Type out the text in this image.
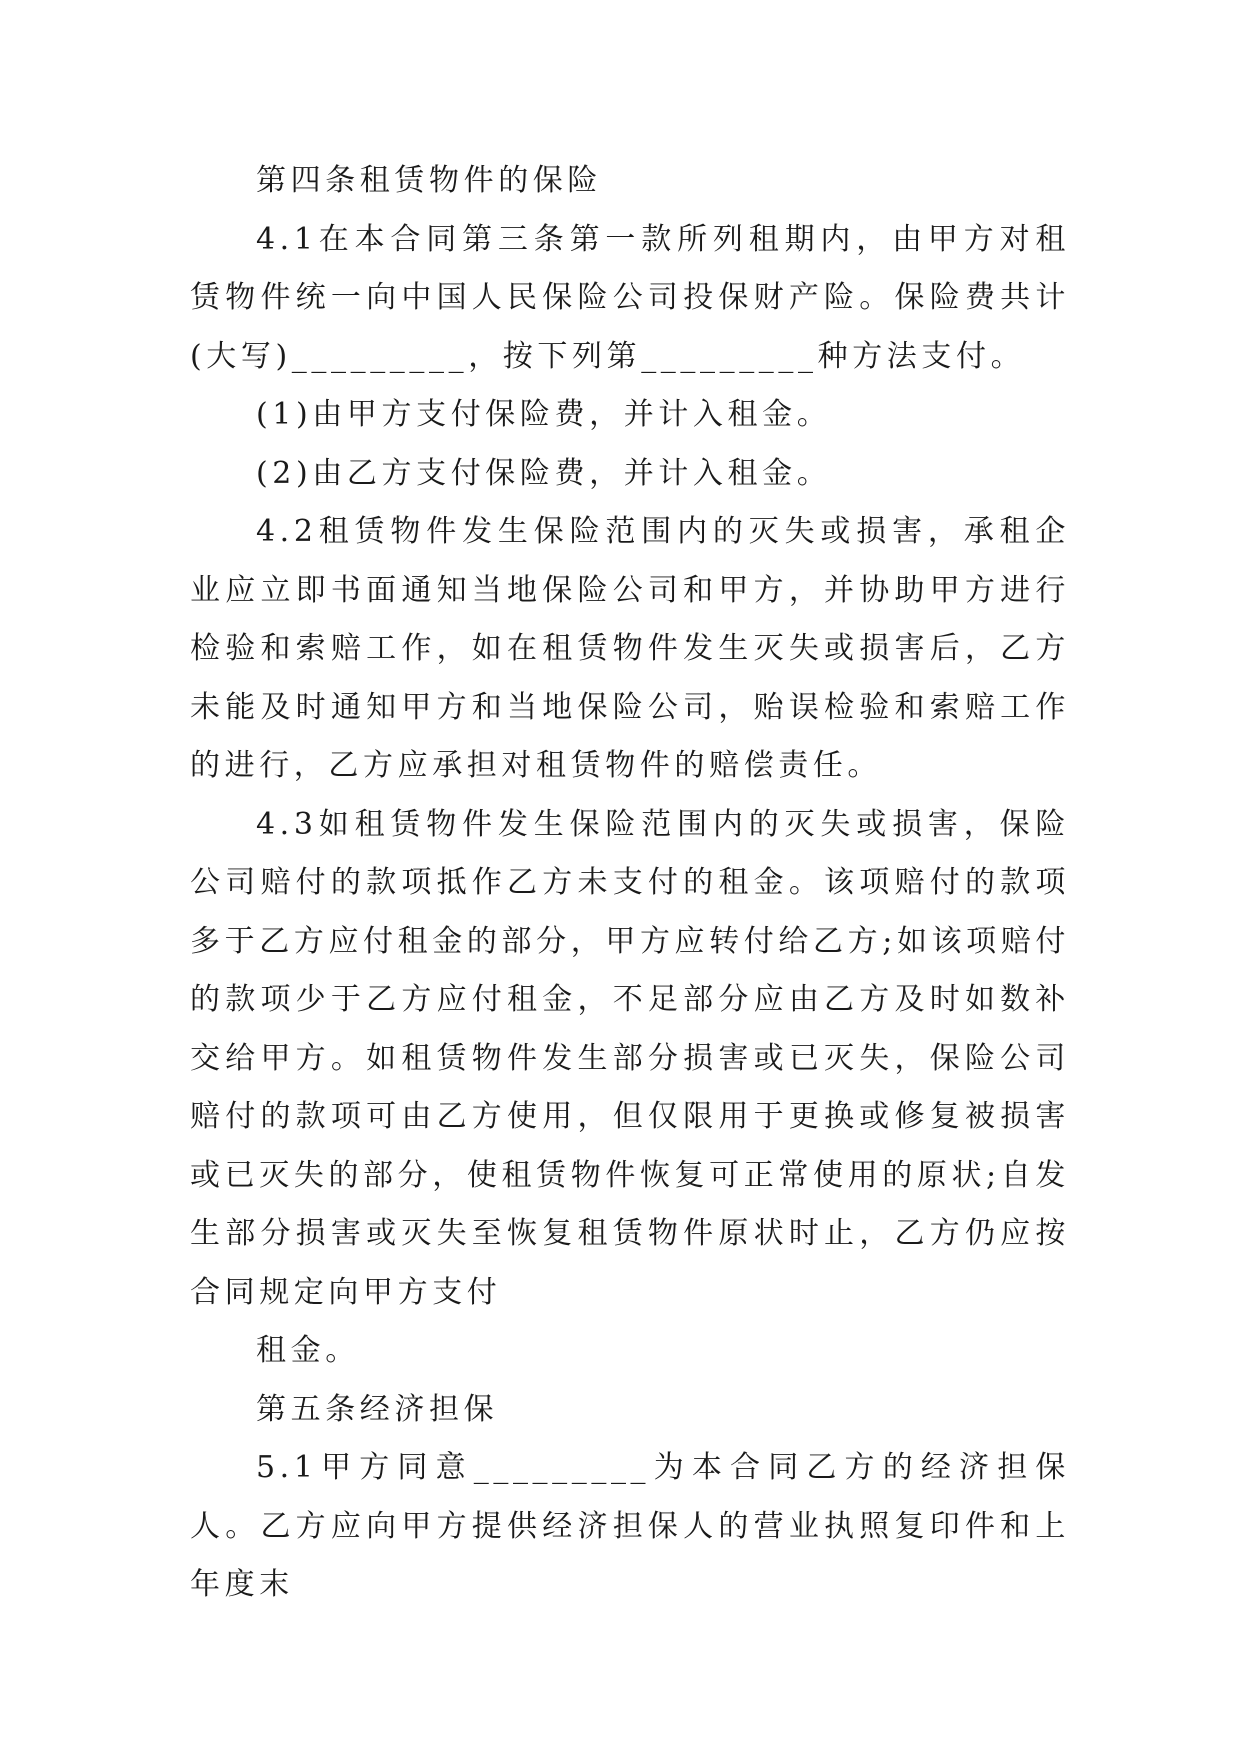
第四条租赁物件的保险

4.1在本合同第三条第一款所列租期内，由甲方对租赁物件统一向中国人民保险公司投保财产险。保险费共计(大写)_________，按下列第_________种方法支付。

(1)由甲方支付保险费，并计入租金。

(2)由乙方支付保险费，并计入租金。

4.2租赁物件发生保险范围内的灭失或损害，承租企业应立即书面通知当地保险公司和甲方，并协助甲方进行检验和索赔工作，如在租赁物件发生灭失或损害后，乙方未能及时通知甲方和当地保险公司，贻误检验和索赔工作的进行，乙方应承担对租赁物件的赔偿责任。

4.3如租赁物件发生保险范围内的灭失或损害，保险公司赔付的款项抵作乙方未支付的租金。该项赔付的款项多于乙方应付租金的部分，甲方应转付给乙方;如该项赔付的款项少于乙方应付租金，不足部分应由乙方及时如数补交给甲方。如租赁物件发生部分损害或已灭失，保险公司赔付的款项可由乙方使用，但仅限用于更换或修复被损害或已灭失的部分，使租赁物件恢复可正常使用的原状;自发生部分损害或灭失至恢复租赁物件原状时止，乙方仍应按合同规定向甲方支付

租金。

第五条经济担保

5.1甲方同意_________为本合同乙方的经济担保人。乙方应向甲方提供经济担保人的营业执照复印件和上年度末
